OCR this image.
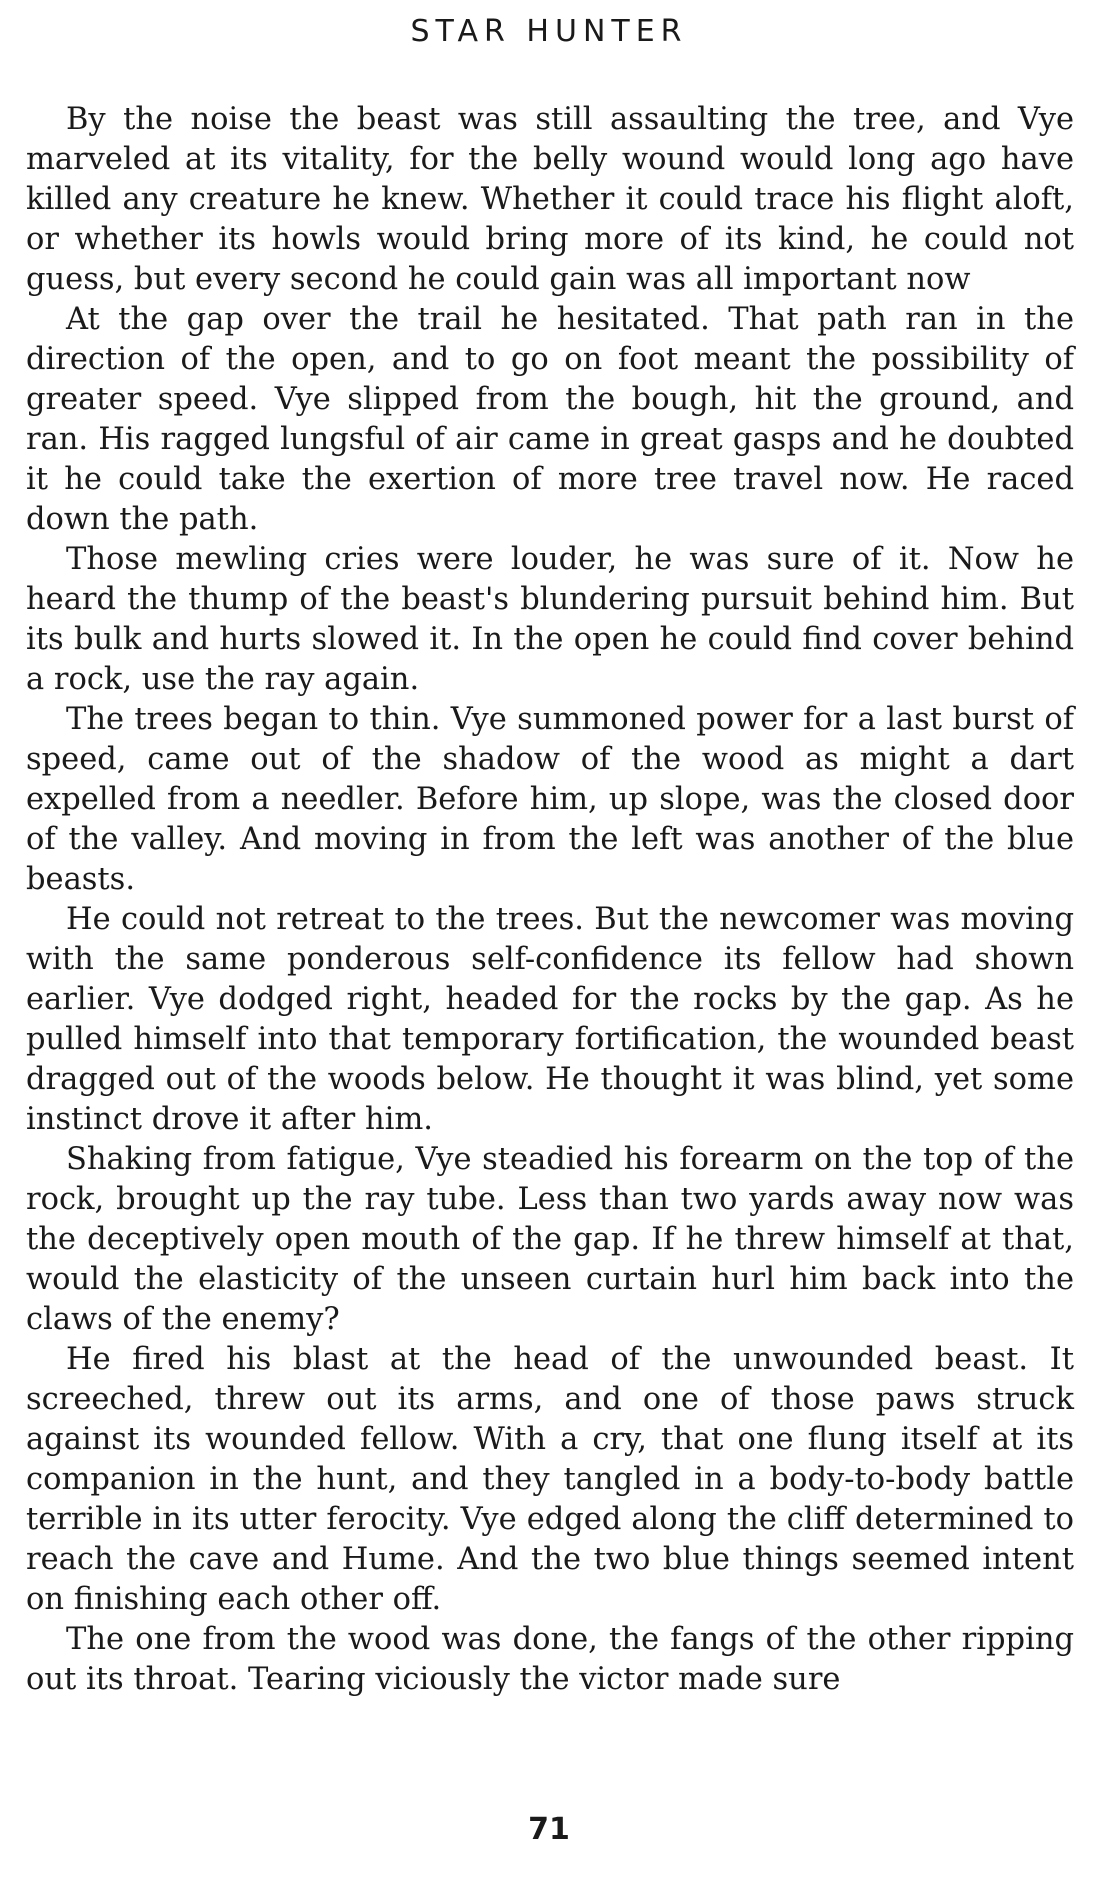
STAR HUNTER

By the noise the beast was still assaulting the tree, and Vye marveled at its vitality, for the belly wound would long ago have killed any creature he knew. Whether it could trace his flight aloft, or whether its howls would bring more of its kind, he could not guess, but every second he could gain was all important now

At the gap over the trail he hesitated. That path ran in the direction of the open, and to go on foot meant the possibility of greater speed. Vye slipped from the bough, hit the ground, and ran. His ragged lungsful of air came in great gasps and he doubted it he could take the exertion of more tree travel now. He raced down the path.

Those mewling cries were louder, he was sure of it. Now he heard the thump of the beast's blundering pursuit behind him. But its bulk and hurts slowed it. In the open he could find cover behind a rock, use the ray again.

The trees began to thin. Vye summoned power for a last burst of speed, came out of the shadow of the wood as might a dart expelled from a needler. Before him, up slope, was the closed door of the valley. And moving in from the left was another of the blue beasts.

He could not retreat to the trees. But the newcomer was moving with the same ponderous self-confidence its fellow had shown earlier. Vye dodged right, headed for the rocks by the gap. As he pulled himself into that temporary fortification, the wounded beast dragged out of the woods below. He thought it was blind, yet some instinct drove it after him.

Shaking from fatigue, Vye steadied his forearm on the top of the rock, brought up the ray tube. Less than two yards away now was the deceptively open mouth of the gap. If he threw himself at that, would the elasticity of the unseen curtain hurl him back into the claws of the enemy?

He fired his blast at the head of the unwounded beast. It screeched, threw out its arms, and one of those paws struck against its wounded fellow. With a cry, that one flung itself at its companion in the hunt, and they tangled in a body-to-body battle terrible in its utter ferocity. Vye edged along the cliff determined to reach the cave and Hume. And the two blue things seemed intent on finishing each other off.

The one from the wood was done, the fangs of the other ripping out its throat. Tearing viciously the victor made sure

71
